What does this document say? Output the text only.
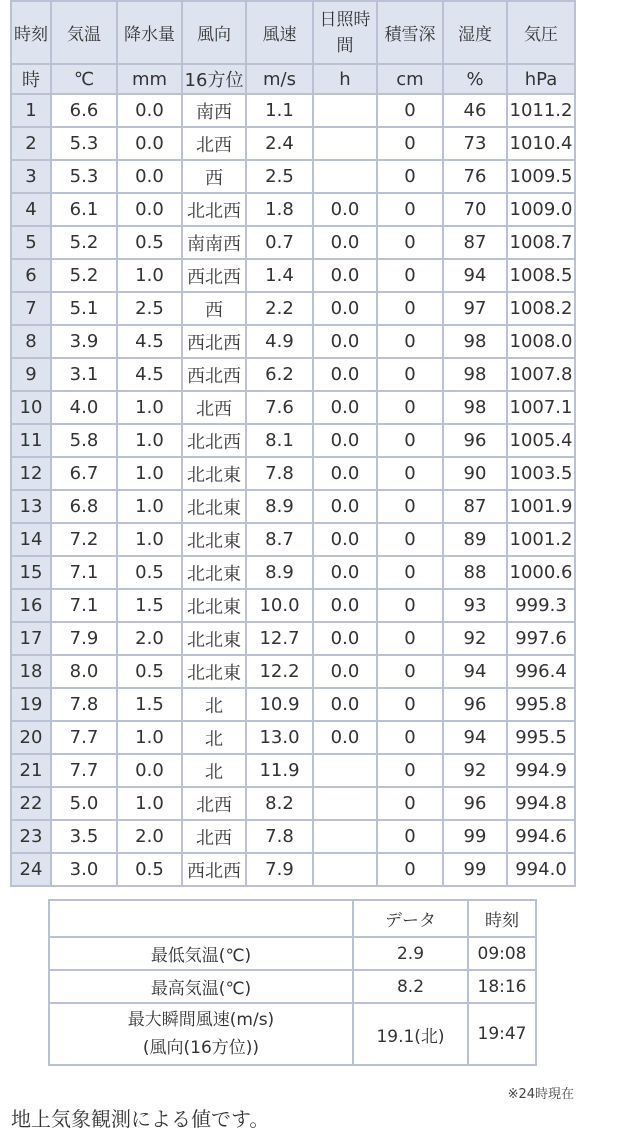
時刻	気温	降水量	風向	風速	日照時間	積雪深	湿度	気圧
時	℃	mm	16方位	m/s	h	cm	%	hPa
1	6.6	0.0	南西	1.1		0	46	1011.2
2	5.3	0.0	北西	2.4		0	73	1010.4
3	5.3	0.0	西	2.5		0	76	1009.5
4	6.1	0.0	北北西	1.8	0.0	0	70	1009.0
5	5.2	0.5	南南西	0.7	0.0	0	87	1008.7
6	5.2	1.0	西北西	1.4	0.0	0	94	1008.5
7	5.1	2.5	西	2.2	0.0	0	97	1008.2
8	3.9	4.5	西北西	4.9	0.0	0	98	1008.0
9	3.1	4.5	西北西	6.2	0.0	0	98	1007.8
10	4.0	1.0	北西	7.6	0.0	0	98	1007.1
11	5.8	1.0	北北西	8.1	0.0	0	96	1005.4
12	6.7	1.0	北北東	7.8	0.0	0	90	1003.5
13	6.8	1.0	北北東	8.9	0.0	0	87	1001.9
14	7.2	1.0	北北東	8.7	0.0	0	89	1001.2
15	7.1	0.5	北北東	8.9	0.0	0	88	1000.6
16	7.1	1.5	北北東	10.0	0.0	0	93	999.3
17	7.9	2.0	北北東	12.7	0.0	0	92	997.6
18	8.0	0.5	北北東	12.2	0.0	0	94	996.4
19	7.8	1.5	北	10.9	0.0	0	96	995.8
20	7.7	1.0	北	13.0	0.0	0	94	995.5
21	7.7	0.0	北	11.9		0	92	994.9
22	5.0	1.0	北西	8.2		0	96	994.8
23	3.5	2.0	北西	7.8		0	99	994.6
24	3.0	0.5	西北西	7.9		0	99	994.0
	データ	時刻
最低気温(℃)	2.9	09:08
最高気温(℃)	8.2	18:16

最大瞬間風速(m/s)
(風向(16方位))	19.1(北)	19:47
※24時現在
地上気象観測による値です。
